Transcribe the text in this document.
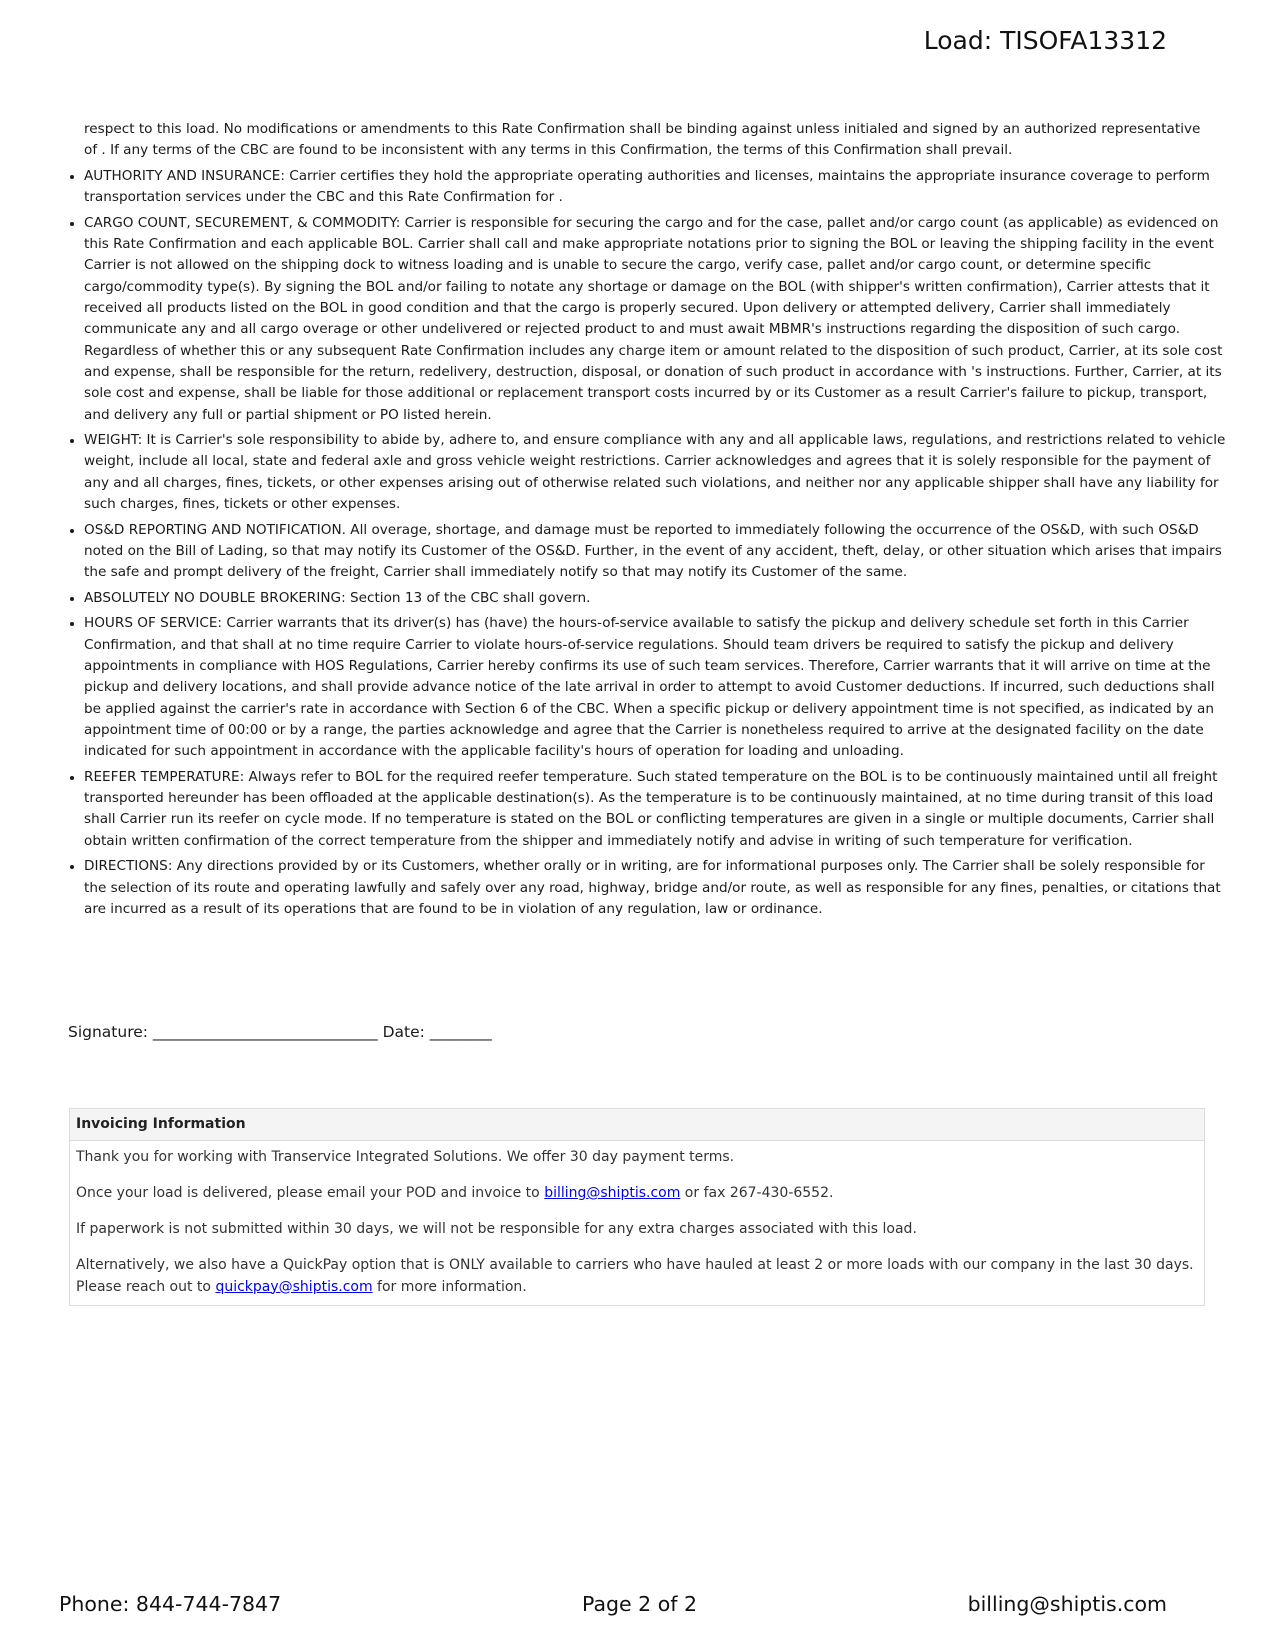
Load: TISOFA13312

respect to this load. No modifications or amendments to this Rate Confirmation shall be binding against unless initialed and signed by an authorized representative of . If any terms of the CBC are found to be inconsistent with any terms in this Confirmation, the terms of this Confirmation shall prevail.

• AUTHORITY AND INSURANCE: Carrier certifies they hold the appropriate operating authorities and licenses, maintains the appropriate insurance coverage to perform transportation services under the CBC and this Rate Confirmation for .
• CARGO COUNT, SECUREMENT, & COMMODITY: Carrier is responsible for securing the cargo and for the case, pallet and/or cargo count (as applicable) as evidenced on this Rate Confirmation and each applicable BOL. Carrier shall call and make appropriate notations prior to signing the BOL or leaving the shipping facility in the event Carrier is not allowed on the shipping dock to witness loading and is unable to secure the cargo, verify case, pallet and/or cargo count, or determine specific cargo/commodity type(s). By signing the BOL and/or failing to notate any shortage or damage on the BOL (with shipper's written confirmation), Carrier attests that it received all products listed on the BOL in good condition and that the cargo is properly secured. Upon delivery or attempted delivery, Carrier shall immediately communicate any and all cargo overage or other undelivered or rejected product to and must await MBMR's instructions regarding the disposition of such cargo. Regardless of whether this or any subsequent Rate Confirmation includes any charge item or amount related to the disposition of such product, Carrier, at its sole cost and expense, shall be responsible for the return, redelivery, destruction, disposal, or donation of such product in accordance with 's instructions. Further, Carrier, at its sole cost and expense, shall be liable for those additional or replacement transport costs incurred by or its Customer as a result Carrier's failure to pickup, transport, and delivery any full or partial shipment or PO listed herein.
• WEIGHT: It is Carrier's sole responsibility to abide by, adhere to, and ensure compliance with any and all applicable laws, regulations, and restrictions related to vehicle weight, include all local, state and federal axle and gross vehicle weight restrictions. Carrier acknowledges and agrees that it is solely responsible for the payment of any and all charges, fines, tickets, or other expenses arising out of otherwise related such violations, and neither nor any applicable shipper shall have any liability for such charges, fines, tickets or other expenses.
• OS&D REPORTING AND NOTIFICATION. All overage, shortage, and damage must be reported to immediately following the occurrence of the OS&D, with such OS&D noted on the Bill of Lading, so that may notify its Customer of the OS&D. Further, in the event of any accident, theft, delay, or other situation which arises that impairs the safe and prompt delivery of the freight, Carrier shall immediately notify so that may notify its Customer of the same.
• ABSOLUTELY NO DOUBLE BROKERING: Section 13 of the CBC shall govern.
• HOURS OF SERVICE: Carrier warrants that its driver(s) has (have) the hours-of-service available to satisfy the pickup and delivery schedule set forth in this Carrier Confirmation, and that shall at no time require Carrier to violate hours-of-service regulations. Should team drivers be required to satisfy the pickup and delivery appointments in compliance with HOS Regulations, Carrier hereby confirms its use of such team services. Therefore, Carrier warrants that it will arrive on time at the pickup and delivery locations, and shall provide advance notice of the late arrival in order to attempt to avoid Customer deductions. If incurred, such deductions shall be applied against the carrier's rate in accordance with Section 6 of the CBC. When a specific pickup or delivery appointment time is not specified, as indicated by an appointment time of 00:00 or by a range, the parties acknowledge and agree that the Carrier is nonetheless required to arrive at the designated facility on the date indicated for such appointment in accordance with the applicable facility's hours of operation for loading and unloading.
• REEFER TEMPERATURE: Always refer to BOL for the required reefer temperature. Such stated temperature on the BOL is to be continuously maintained until all freight transported hereunder has been offloaded at the applicable destination(s). As the temperature is to be continuously maintained, at no time during transit of this load shall Carrier run its reefer on cycle mode. If no temperature is stated on the BOL or conflicting temperatures are given in a single or multiple documents, Carrier shall obtain written confirmation of the correct temperature from the shipper and immediately notify and advise in writing of such temperature for verification.
• DIRECTIONS: Any directions provided by or its Customers, whether orally or in writing, are for informational purposes only. The Carrier shall be solely responsible for the selection of its route and operating lawfully and safely over any road, highway, bridge and/or route, as well as responsible for any fines, penalties, or citations that are incurred as a result of its operations that are found to be in violation of any regulation, law or ordinance.
Signature: _____________________________ Date: ________
Invoicing Information

Thank you for working with Transervice Integrated Solutions. We offer 30 day payment terms.

Once your load is delivered, please email your POD and invoice to billing@shiptis.com or fax 267-430-6552.

If paperwork is not submitted within 30 days, we will not be responsible for any extra charges associated with this load.

Alternatively, we also have a QuickPay option that is ONLY available to carriers who have hauled at least 2 or more loads with our company in the last 30 days. Please reach out to quickpay@shiptis.com for more information.

Phone: 844-744-7847	Page 2 of 2	billing@shiptis.com
